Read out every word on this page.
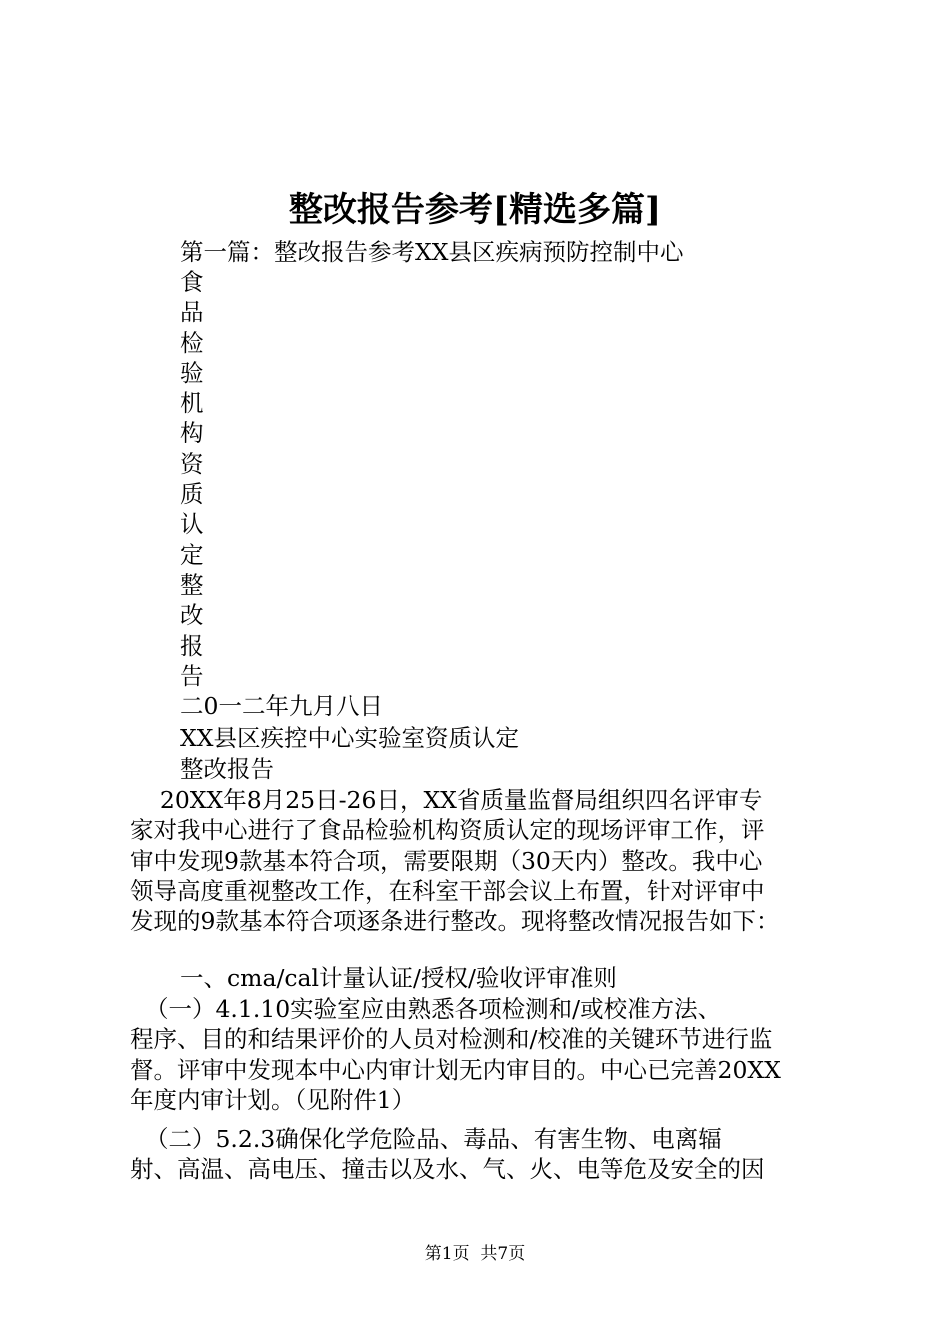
整改报告参考[精选多篇]
第一篇：整改报告参考XX县区疾病预防控制中心
食
品
检
验
机
构
资
质
认
定
整
改
报
告
二0一二年九月八日
XX县区疾控中心实验室资质认定
整改报告
20XX年8月25日-26日，XX省质量监督局组织四名评审专
家对我中心进行了食品检验机构资质认定的现场评审工作，评
审中发现9款基本符合项，需要限期（30天内）整改。我中心
领导高度重视整改工作，在科室干部会议上布置，针对评审中
发现的9款基本符合项逐条进行整改。现将整改情况报告如下：
一、cma/cal计量认证/授权/验收评审准则
（一）4.1.10实验室应由熟悉各项检测和/或校准方法、
程序、目的和结果评价的人员对检测和/校准的关键环节进行监
督。评审中发现本中心内审计划无内审目的。中心已完善20XX
年度内审计划。（见附件1）
（二）5.2.3确保化学危险品、毒品、有害生物、电离辐
射、高温、高电压、撞击以及水、气、火、电等危及安全的因
第1页  共7页
